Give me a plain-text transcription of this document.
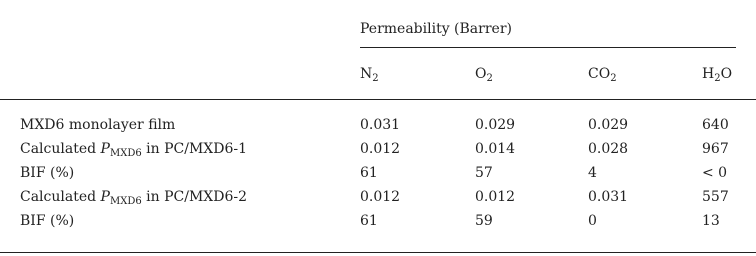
Permeability (Barrer)
$N_2$	$O_2$	$CO_2$	$H_2O$
MXD6 monolayer film	0.031	0.029	0.029	640
Calculated $P_{MXD6}$ in PC/MXD6-1	0.012	0.014	0.028	967
BIF (%)	61	57	4	< 0
Calculated $P_{MXD6}$ in PC/MXD6-2	0.012	0.012	0.031	557
BIF (%)	61	59	0	13
